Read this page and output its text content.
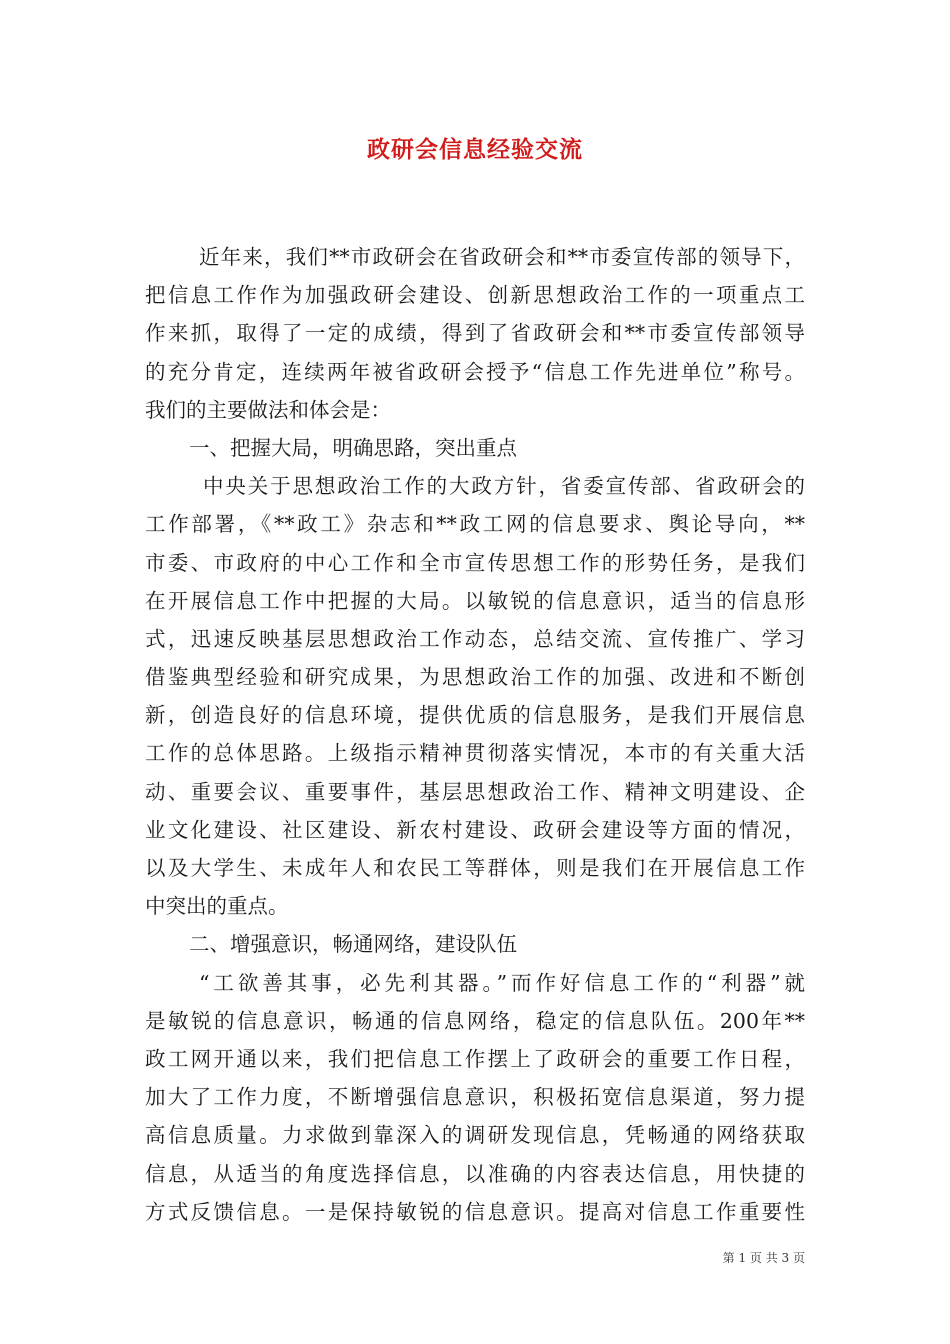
政研会信息经验交流
近年来，我们**市政研会在省政研会和**市委宣传部的领导下，
把信息工作作为加强政研会建设、创新思想政治工作的一项重点工
作来抓，取得了一定的成绩，得到了省政研会和**市委宣传部领导
的充分肯定，连续两年被省政研会授予“信息工作先进单位”称号。
我们的主要做法和体会是：
一、把握大局，明确思路，突出重点
中央关于思想政治工作的大政方针，省委宣传部、省政研会的
工作部署，《**政工》杂志和**政工网的信息要求、舆论导向，**
市委、市政府的中心工作和全市宣传思想工作的形势任务，是我们
在开展信息工作中把握的大局。以敏锐的信息意识，适当的信息形
式，迅速反映基层思想政治工作动态，总结交流、宣传推广、学习
借鉴典型经验和研究成果，为思想政治工作的加强、改进和不断创
新，创造良好的信息环境，提供优质的信息服务，是我们开展信息
工作的总体思路。上级指示精神贯彻落实情况，本市的有关重大活
动、重要会议、重要事件，基层思想政治工作、精神文明建设、企
业文化建设、社区建设、新农村建设、政研会建设等方面的情况，
以及大学生、未成年人和农民工等群体，则是我们在开展信息工作
中突出的重点。
二、增强意识，畅通网络，建设队伍
“工欲善其事，必先利其器。”而作好信息工作的“利器”就
是敏锐的信息意识，畅通的信息网络，稳定的信息队伍。200年**
政工网开通以来，我们把信息工作摆上了政研会的重要工作日程，
加大了工作力度，不断增强信息意识，积极拓宽信息渠道，努力提
高信息质量。力求做到靠深入的调研发现信息，凭畅通的网络获取
信息，从适当的角度选择信息，以准确的内容表达信息，用快捷的
方式反馈信息。一是保持敏锐的信息意识。提高对信息工作重要性
第 1 页 共 3 页
